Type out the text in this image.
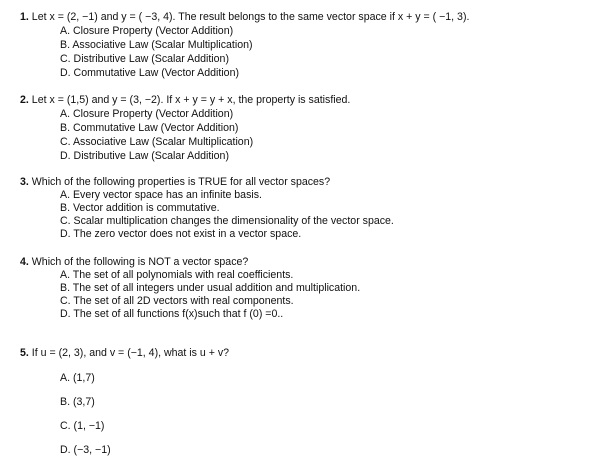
1. Let x = (2, −1) and y = ( −3, 4). The result belongs to the same vector space if x + y = ( −1, 3).
A. Closure Property (Vector Addition)
B. Associative Law (Scalar Multiplication)
C. Distributive Law (Scalar Addition)
D. Commutative Law (Vector Addition)
2. Let x = (1,5) and y = (3, −2). If x + y = y + x, the property is satisfied.
A. Closure Property (Vector Addition)
B. Commutative Law (Vector Addition)
C. Associative Law (Scalar Multiplication)
D. Distributive Law (Scalar Addition)
3. Which of the following properties is TRUE for all vector spaces?
A. Every vector space has an infinite basis.
B. Vector addition is commutative.
C. Scalar multiplication changes the dimensionality of the vector space.
D. The zero vector does not exist in a vector space.
4. Which of the following is NOT a vector space?
A. The set of all polynomials with real coefficients.
B. The set of all integers under usual addition and multiplication.
C. The set of all 2D vectors with real components.
D. The set of all functions f(x)such that f (0) =0..
5. If u = (2, 3), and v = (−1, 4), what is u + v?
A. (1,7)
B. (3,7)
C. (1, −1)
D. (−3, −1)
